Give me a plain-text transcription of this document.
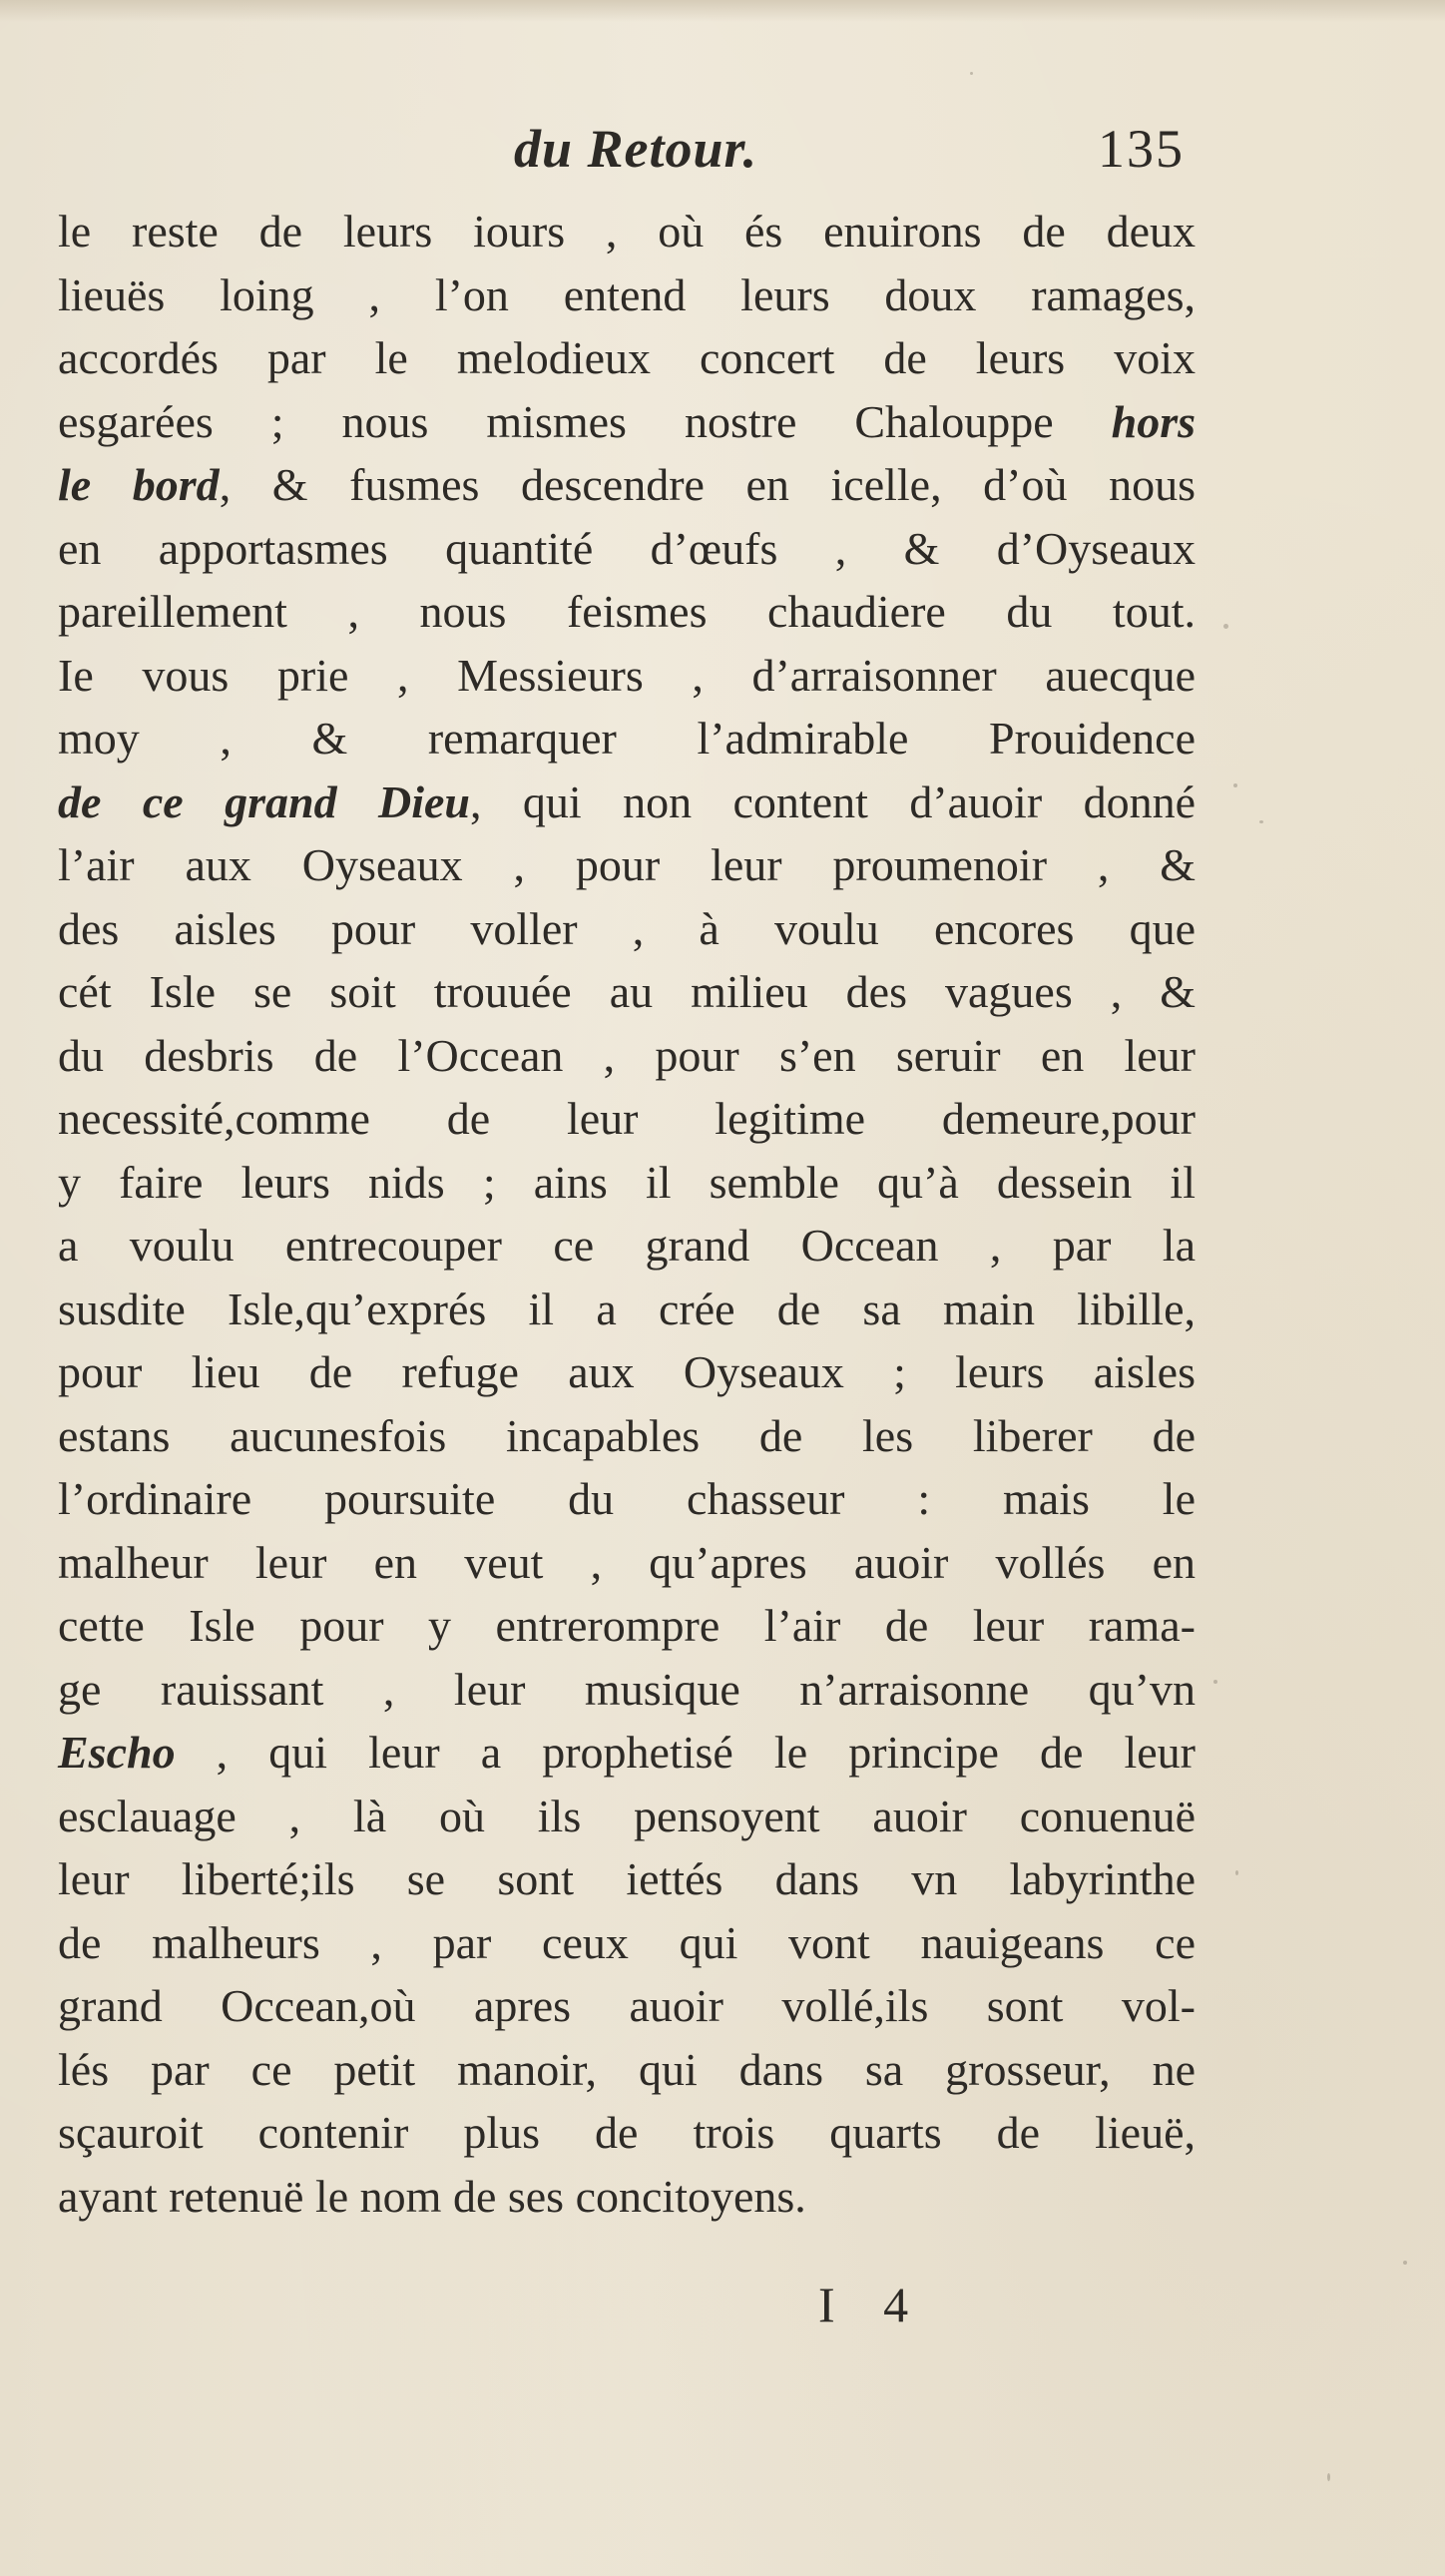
du Retour.	135
le reste de leurs iours , où és enuirons de deux
lieuës loing , l’on entend leurs doux ramages,
accordés par le melodieux concert de leurs voix
esgarées ; nous mismes nostre Chalouppe hors
le bord, & fusmes descendre en icelle, d’où nous
en apportasmes quantité d’œufs , & d’Oyseaux
pareillement , nous feismes chaudiere du tout.
Ie vous prie , Messieurs , d’arraisonner auecque
moy , & remarquer l’admirable Prouidence
de ce grand Dieu, qui non content d’auoir donné
l’air aux Oyseaux , pour leur proumenoir , &
des aisles pour voller , à voulu encores que
cét Isle se soit trouuée au milieu des vagues , &
du desbris de l’Occean , pour s’en seruir en leur
necessité,comme de leur legitime demeure,pour
y faire leurs nids ; ains il semble qu’à dessein il
a voulu entrecouper ce grand Occean , par la
susdite Isle,qu’exprés il a crée de sa main libille,
pour lieu de refuge aux Oyseaux ; leurs aisles
estans aucunesfois incapables de les liberer de
l’ordinaire poursuite du chasseur : mais le
malheur leur en veut , qu’apres auoir vollés en
cette Isle pour y entrerompre l’air de leur rama-
ge rauissant , leur musique n’arraisonne qu’vn
Escho , qui leur a prophetisé le principe de leur
esclauage , là où ils pensoyent auoir conuenuë
leur liberté;ils se sont iettés dans vn labyrinthe
de malheurs , par ceux qui vont nauigeans ce
grand Occean,où apres auoir vollé,ils sont vol-
lés par ce petit manoir, qui dans sa grosseur, ne
sçauroit contenir plus de trois quarts de lieuë,
ayant retenuë le nom de ses concitoyens.
I 4
